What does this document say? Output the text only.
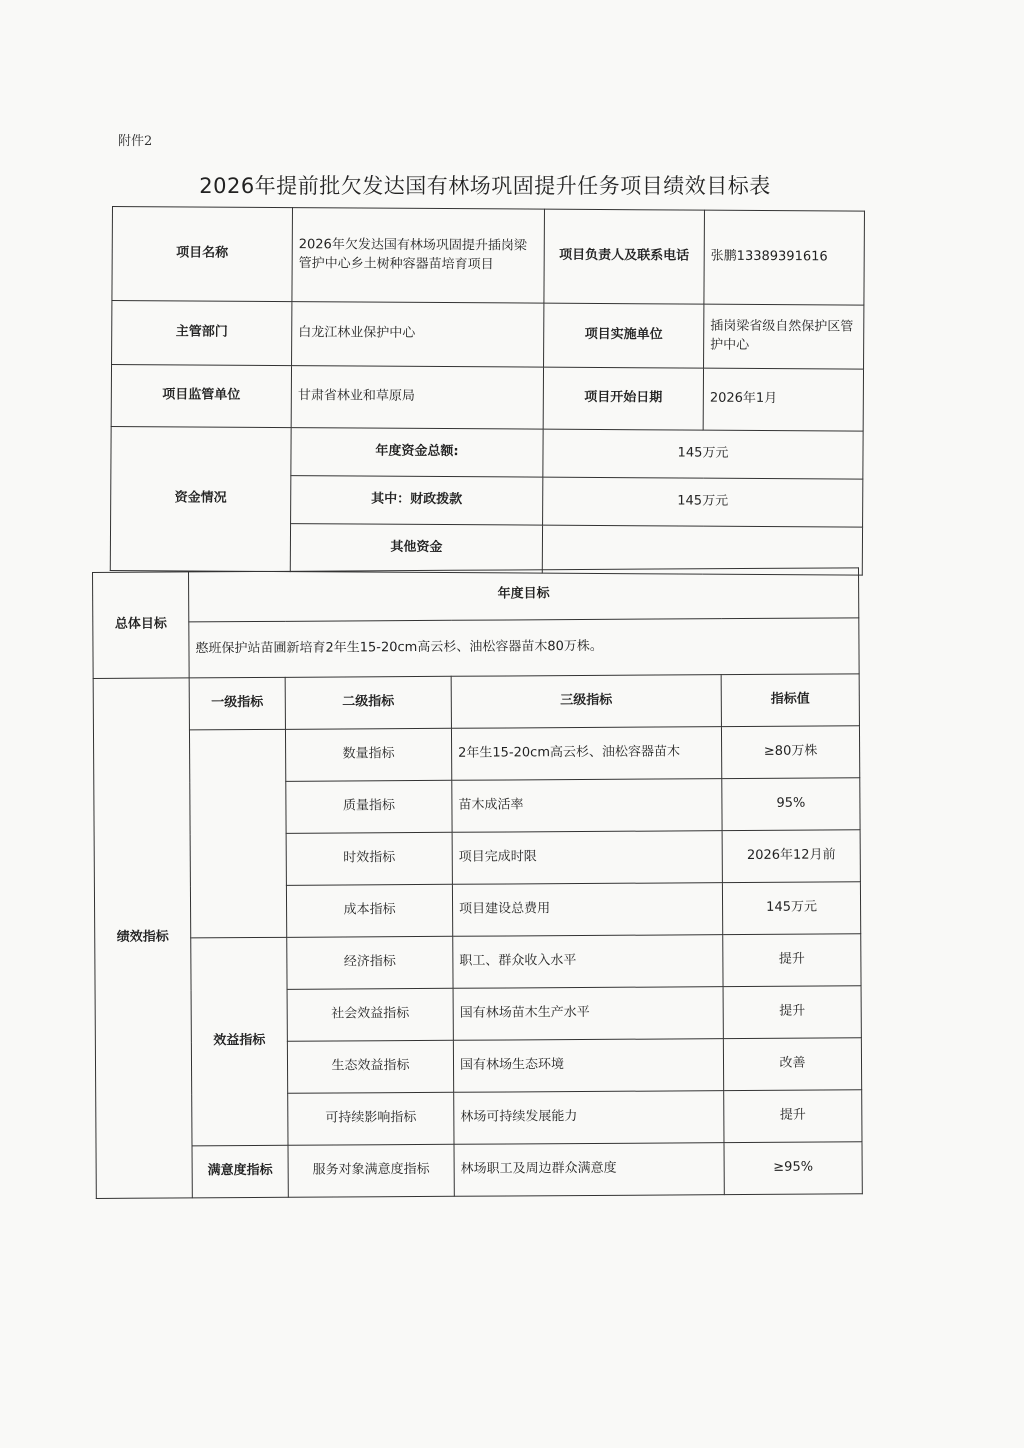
附件2
2026年提前批欠发达国有林场巩固提升任务项目绩效目标表
项目名称	2026年欠发达国有林场巩固提升插岗梁管护中心乡土树种容器苗培育项目	项目负责人及联系电话	张鹏13389391616
主管部门	白龙江林业保护中心	项目实施单位	插岗梁省级自然保护区管护中心
项目监管单位	甘肃省林业和草原局	项目开始日期	2026年1月
资金情况	年度资金总额:	145万元	
	其中：财政拨款	145万元	
	其他资金		
总体目标	年度目标			
	憨班保护站苗圃新培育2年生15-20cm高云杉、油松容器苗木80万株。			
绩效指标	一级指标	二级指标	三级指标	指标值
		数量指标	2年生15-20cm高云杉、油松容器苗木	≥80万株
		质量指标	苗木成活率	95%
		时效指标	项目完成时限	2026年12月前
		成本指标	项目建设总费用	145万元
	效益指标	经济指标	职工、群众收入水平	提升
		社会效益指标	国有林场苗木生产水平	提升
		生态效益指标	国有林场生态环境	改善
		可持续影响指标	林场可持续发展能力	提升
	满意度指标	服务对象满意度指标	林场职工及周边群众满意度	≥95%
